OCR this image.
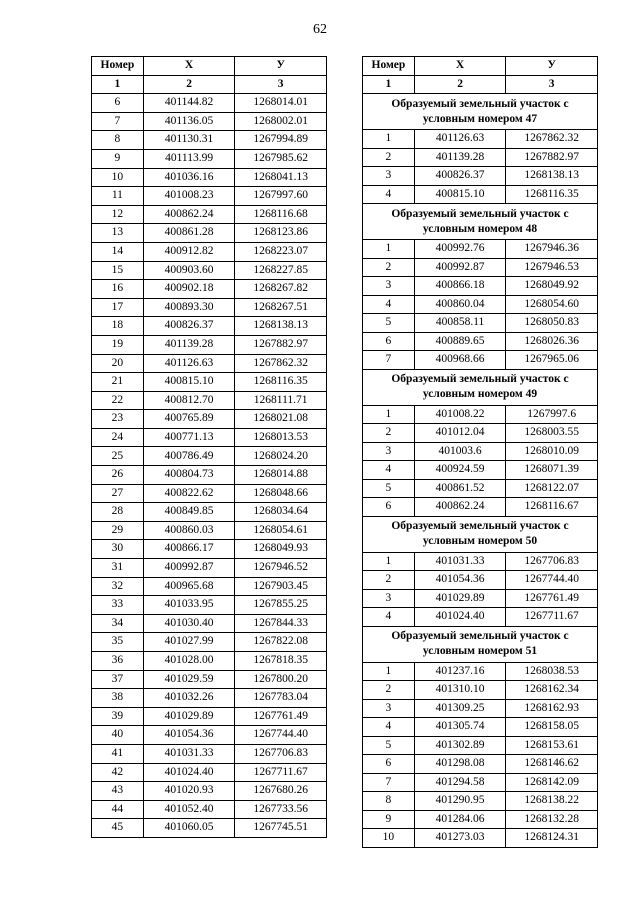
62
Номер	X	У
1	2	3
6	401144.82	1268014.01
7	401136.05	1268002.01
8	401130.31	1267994.89
9	401113.99	1267985.62
10	401036.16	1268041.13
11	401008.23	1267997.60
12	400862.24	1268116.68
13	400861.28	1268123.86
14	400912.82	1268223.07
15	400903.60	1268227.85
16	400902.18	1268267.82
17	400893.30	1268267.51
18	400826.37	1268138.13
19	401139.28	1267882.97
20	401126.63	1267862.32
21	400815.10	1268116.35
22	400812.70	1268111.71
23	400765.89	1268021.08
24	400771.13	1268013.53
25	400786.49	1268024.20
26	400804.73	1268014.88
27	400822.62	1268048.66
28	400849.85	1268034.64
29	400860.03	1268054.61
30	400866.17	1268049.93
31	400992.87	1267946.52
32	400965.68	1267903.45
33	401033.95	1267855.25
34	401030.40	1267844.33
35	401027.99	1267822.08
36	401028.00	1267818.35
37	401029.59	1267800.20
38	401032.26	1267783.04
39	401029.89	1267761.49
40	401054.36	1267744.40
41	401031.33	1267706.83
42	401024.40	1267711.67
43	401020.93	1267680.26
44	401052.40	1267733.56
45	401060.05	1267745.51
Номер	X	У
1	2	3
Образуемый земельный участок с условным номером 47		
1	401126.63	1267862.32
2	401139.28	1267882.97
3	400826.37	1268138.13
4	400815.10	1268116.35
Образуемый земельный участок с условным номером 48		
1	400992.76	1267946.36
2	400992.87	1267946.53
3	400866.18	1268049.92
4	400860.04	1268054.60
5	400858.11	1268050.83
6	400889.65	1268026.36
7	400968.66	1267965.06
Образуемый земельный участок с условным номером 49		
1	401008.22	1267997.6
2	401012.04	1268003.55
3	401003.6	1268010.09
4	400924.59	1268071.39
5	400861.52	1268122.07
6	400862.24	1268116.67
Образуемый земельный участок с условным номером 50		
1	401031.33	1267706.83
2	401054.36	1267744.40
3	401029.89	1267761.49
4	401024.40	1267711.67
Образуемый земельный участок с условным номером 51		
1	401237.16	1268038.53
2	401310.10	1268162.34
3	401309.25	1268162.93
4	401305.74	1268158.05
5	401302.89	1268153.61
6	401298.08	1268146.62
7	401294.58	1268142.09
8	401290.95	1268138.22
9	401284.06	1268132.28
10	401273.03	1268124.31
